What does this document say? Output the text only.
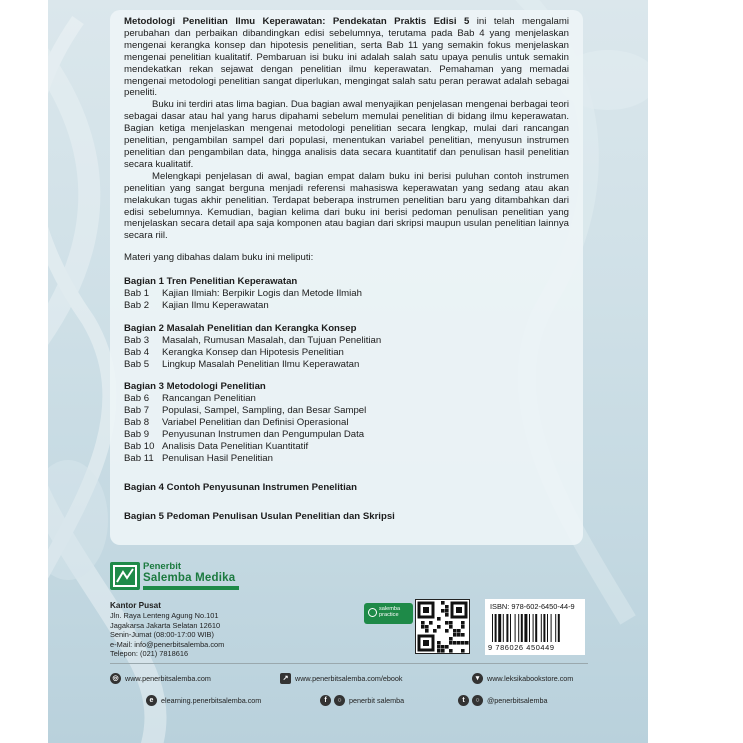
Metodologi Penelitian Ilmu Keperawatan: Pendekatan Praktis Edisi 5 ini telah mengalami perubahan dan perbaikan dibandingkan edisi sebelumnya, terutama pada Bab 4 yang menjelaskan mengenai kerangka konsep dan hipotesis penelitian, serta Bab 11 yang semakin fokus menjelaskan mengenai penelitian kualitatif. Pembaruan isi buku ini adalah salah satu upaya penulis untuk semakin mendekatkan rekan sejawat dengan penelitian ilmu keperawatan. Pemahaman yang memadai mengenai metodologi penelitian sangat diperlukan, mengingat salah satu peran perawat adalah sebagai peneliti.

Buku ini terdiri atas lima bagian. Dua bagian awal menyajikan penjelasan mengenai berbagai teori sebagai dasar atau hal yang harus dipahami sebelum memulai penelitian di bidang ilmu keperawatan. Bagian ketiga menjelaskan mengenai metodologi penelitian secara lengkap, mulai dari rancangan penelitian, pengambilan sampel dari populasi, menentukan variabel penelitian, menyusun instrumen penelitian dan pengambilan data, hingga analisis data secara kuantitatif dan penulisan hasil penelitian secara kualitatif.

Melengkapi penjelasan di awal, bagian empat dalam buku ini berisi puluhan contoh instrumen penelitian yang sangat berguna menjadi referensi mahasiswa keperawatan yang sedang atau akan melakukan tugas akhir penelitian. Terdapat beberapa instrumen penelitian baru yang ditambahkan dari edisi sebelumnya. Kemudian, bagian kelima dari buku ini berisi pedoman penulisan penelitian yang menjelaskan secara detail apa saja komponen atau bagian dari skripsi maupun usulan penelitian lainnya secara riil.

Materi yang dibahas dalam buku ini meliputi:

Bagian 1 Tren Penelitian Keperawatan

Bab 1	Kajian Ilmiah: Berpikir Logis dan Metode Ilmiah
Bab 2	Kajian Ilmu Keperawatan

Bagian 2 Masalah Penelitian dan Kerangka Konsep

Bab 3	Masalah, Rumusan Masalah, dan Tujuan Penelitian
Bab 4	Kerangka Konsep dan Hipotesis Penelitian
Bab 5	Lingkup Masalah Penelitian Ilmu Keperawatan

Bagian 3 Metodologi Penelitian

Bab 6	Rancangan Penelitian
Bab 7	Populasi, Sampel, Sampling, dan Besar Sampel
Bab 8	Variabel Penelitian dan Definisi Operasional
Bab 9	Penyusunan Instrumen dan Pengumpulan Data
Bab 10 Analisis Data Penelitian Kuantitatif
Bab 11 Penulisan Hasil Penelitian

Bagian 4 Contoh Penyusunan Instrumen Penelitian

Bagian 5 Pedoman Penulisan Usulan Penelitian dan Skripsi

Penerbit
Salemba Medika
Kantor Pusat
Jln. Raya Lenteng Agung No.101
Jagakarsa Jakarta Selatan 12610
Senin-Jumat (08:00-17:00 WIB)
e-Mail: info@penerbitsalemba.com
Telepon: (021) 7818616
salemba
practice
ISBN: 978-602-6450-44-9
9 786026 450449
◎ www.penerbitsalemba.com	↗ www.penerbitsalemba.com/ebook	▾	www.leksikabookstore.com
e	elearning.penerbitsalemba.com	f	○	penerbit salemba	t	○	@penerbitsalemba
